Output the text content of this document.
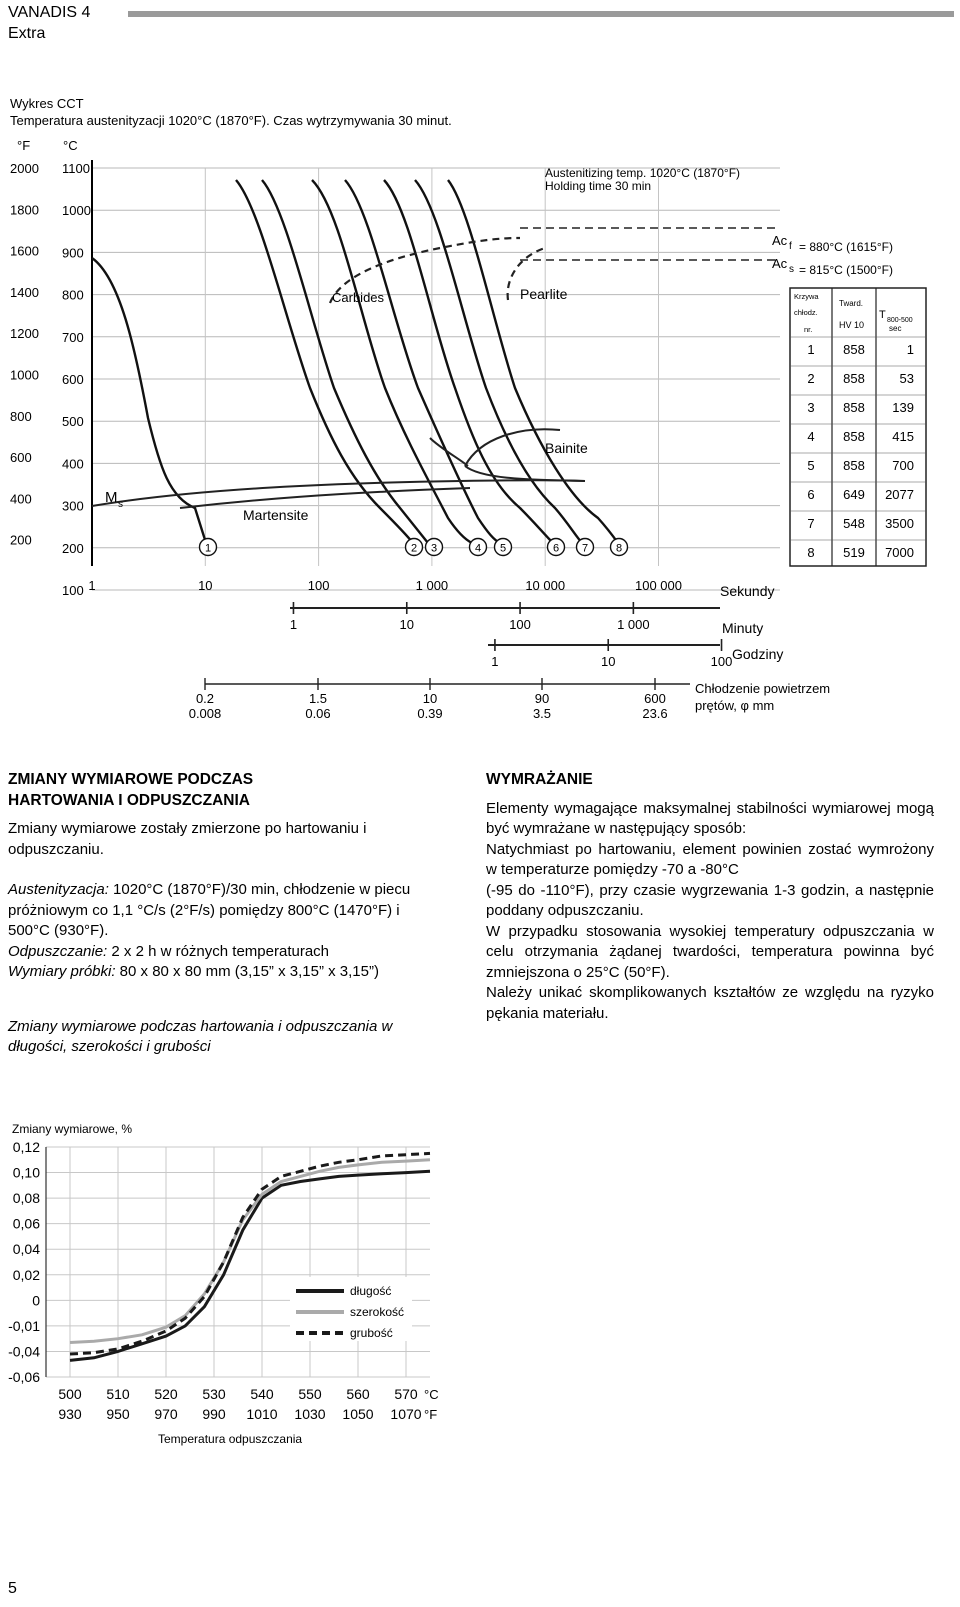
VANADIS 4
Extra
Wykres CCT
Temperatura austenityzacji 1020°C (1870°F). Czas wytrzymywania 30 minut.
°F	°C
1100
1000
900
800
700
600
500
400
300
200
100
2000
1800
1600
1400
1200
1000
800
600
400
200
Carbides	Pearlite
Bainite
Martensite
M s
Austenitizing temp. 1020°C (1870°F)
Holding time 30 min
Ac f = 880°C (1615°F)
Ac s = 815°C (1500°F)
1	2 3	4 5	6 7	8
Krzywa
chłodz.
nr.
Tward.
HV 10
T 800-500
sec
1 858	1
2 858	53
3 858 139
4 858 415
5 858 700
6 649 2077
7 548 3500
8 519 7000
Sekundy
Minuty
Godziny
Chłodzenie powietrzem
prętów, φ mm
1	10	100	1 000	10 000	100 000
1	10	100	1 000
1	10	100
0.2
0.008
1.5
0.06
10
0.39
90
3.5
600
23.6

ZMIANY WYMIAROWE PODCZAS

HARTOWANIA I ODPUSZCZANIA

Zmiany wymiarowe zostały zmierzone po hartowaniu i odpuszczaniu.

Austenityzacja: 1020°C (1870°F)/30 min, chłodzenie w piecu próżniowym co 1,1 °C/s (2°F/s) pomiędzy 800°C (1470°F) i 500°C (930°F).

Odpuszczanie: 2 x 2 h w różnych temperaturach

Wymiary próbki: 80 x 80 x 80 mm (3,15” x 3,15” x 3,15”)

Zmiany wymiarowe podczas hartowania i odpuszczania w długości, szerokości i grubości

WYMRAŻANIE

Elementy wymagające maksymalnej stabilności wymiarowej mogą być wymrażane w następujący sposób:

Natychmiast po hartowaniu, element powinien zostać wymrożony w temperaturze pomiędzy -70 a -80°C

(-95 do -110°F), przy czasie wygrzewania 1-3 godzin, a następnie poddany odpuszczaniu.

W przypadku stosowania wysokiej temperatury odpuszczania w celu otrzymania żądanej twardości, temperatura powinna być zmniejszona o 25°C (50°F).

Należy unikać skomplikowanych kształtów ze względu na ryzyko pękania materiału.

Zmiany wymiarowe, %
0,12
0,10
0,08
0,06
0,04
0,02
0
-0,01
-0,04
-0,06
500
930
510
950
520
970
530
990
540
1010
550
1030
560
1050
570
1070
°C
°F
długość
szerokość
grubość
Temperatura odpuszczania
5
